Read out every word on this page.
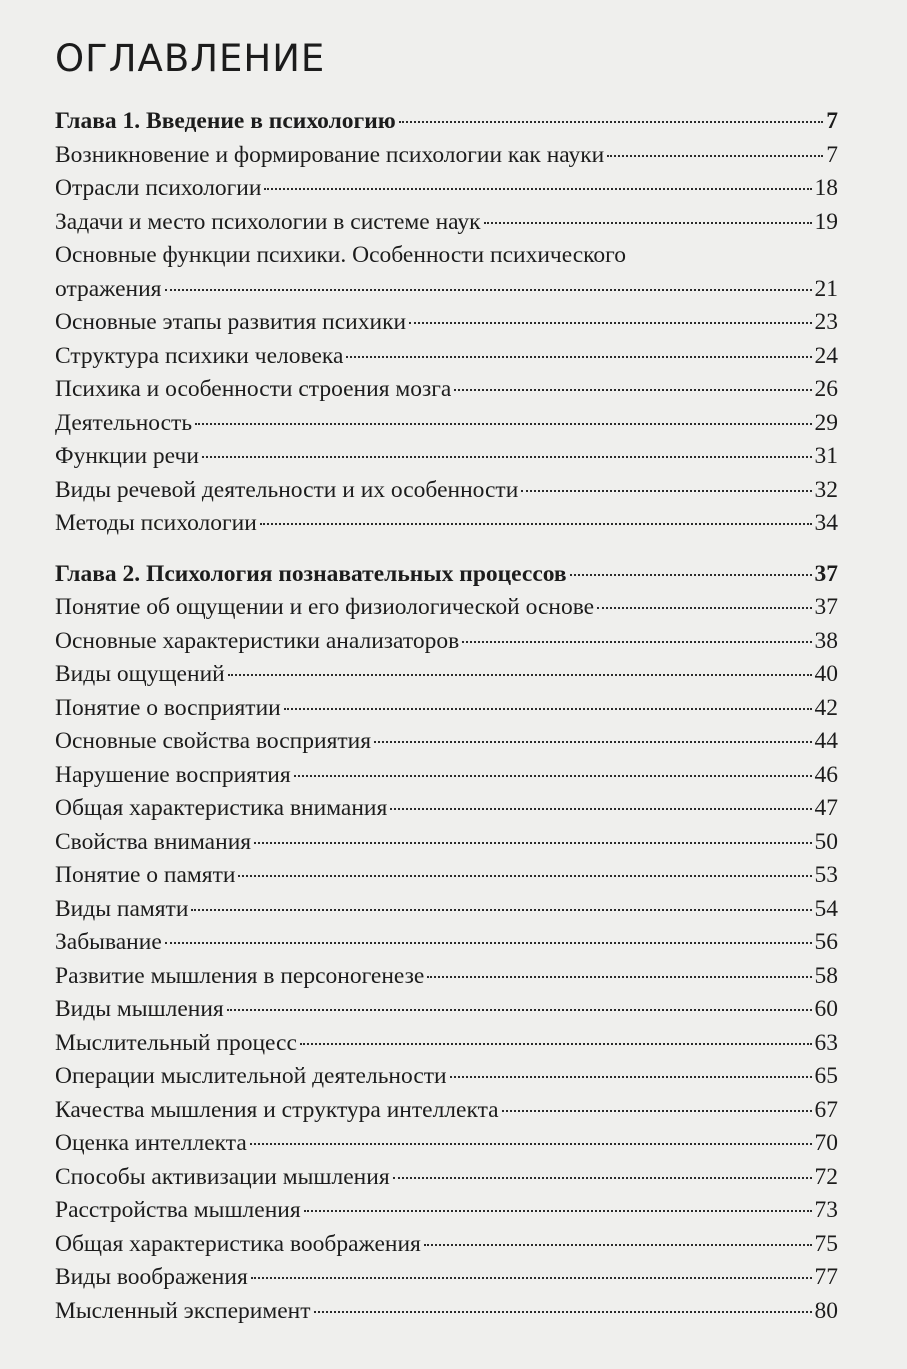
ОГЛАВЛЕНИЕ
Глава 1. Введение в психологию	7
Возникновение и формирование психологии как науки	7
Отрасли психологии	18
Задачи и место психологии в системе наук	19
Основные функции психики. Особенности психического
отражения	21
Основные этапы развития психики	23
Структура психики человека	24
Психика и особенности строения мозга	26
Деятельность	29
Функции речи	31
Виды речевой деятельности и их особенности	32
Методы психологии	34
Глава 2. Психология познавательных процессов	37
Понятие об ощущении и его физиологической основе	37
Основные характеристики анализаторов	38
Виды ощущений	40
Понятие о восприятии	42
Основные свойства восприятия	44
Нарушение восприятия	46
Общая характеристика внимания	47
Свойства внимания	50
Понятие о памяти	53
Виды памяти	54
Забывание	56
Развитие мышления в персоногенезе	58
Виды мышления	60
Мыслительный процесс	63
Операции мыслительной деятельности	65
Качества мышления и структура интеллекта	67
Оценка интеллекта	70
Способы активизации мышления	72
Расстройства мышления	73
Общая характеристика воображения	75
Виды воображения	77
Мысленный эксперимент	80
